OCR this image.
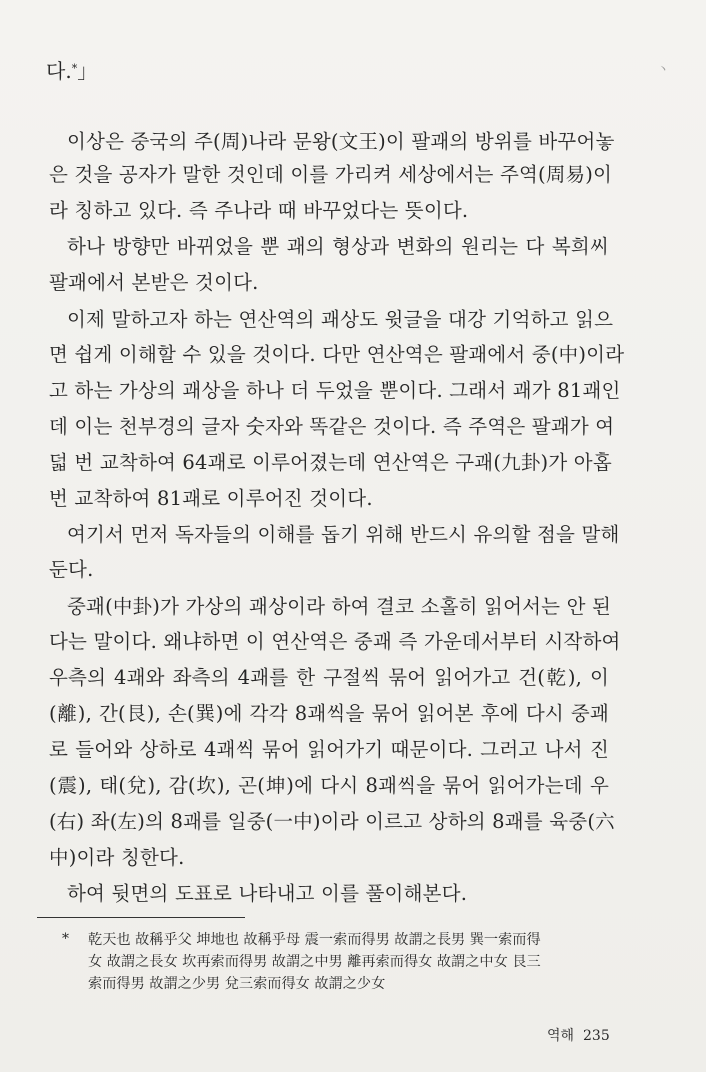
다.*」	丶
이상은 중국의 주(周)나라 문왕(文王)이 팔괘의 방위를 바꾸어놓
은 것을 공자가 말한 것인데 이를 가리켜 세상에서는 주역(周易)이
라 칭하고 있다. 즉 주나라 때 바꾸었다는 뜻이다.
하나 방향만 바뀌었을 뿐 괘의 형상과 변화의 원리는 다 복희씨
팔괘에서 본받은 것이다.
이제 말하고자 하는 연산역의 괘상도 윗글을 대강 기억하고 읽으
면 쉽게 이해할 수 있을 것이다. 다만 연산역은 팔괘에서 중(中)이라
고 하는 가상의 괘상을 하나 더 두었을 뿐이다. 그래서 괘가 81괘인
데 이는 천부경의 글자 숫자와 똑같은 것이다. 즉 주역은 팔괘가 여
덟 번 교착하여 64괘로 이루어졌는데 연산역은 구괘(九卦)가 아홉
번 교착하여 81괘로 이루어진 것이다.
여기서 먼저 독자들의 이해를 돕기 위해 반드시 유의할 점을 말해
둔다.
중괘(中卦)가 가상의 괘상이라 하여 결코 소홀히 읽어서는 안 된
다는 말이다. 왜냐하면 이 연산역은 중괘 즉 가운데서부터 시작하여
우측의 4괘와 좌측의 4괘를 한 구절씩 묶어 읽어가고 건(乾), 이
(離), 간(艮), 손(巽)에 각각 8괘씩을 묶어 읽어본 후에 다시 중괘
로 들어와 상하로 4괘씩 묶어 읽어가기 때문이다. 그러고 나서 진
(震), 태(兌), 감(坎), 곤(坤)에 다시 8괘씩을 묶어 읽어가는데 우
(右) 좌(左)의 8괘를 일중(一中)이라 이르고 상하의 8괘를 육중(六
中)이라 칭한다.
하여 뒷면의 도표로 나타내고 이를 풀이해본다.
* 乾天也 故稱乎父 坤地也 故稱乎母 震一索而得男 故謂之長男 巽一索而得
女 故謂之長女 坎再索而得男 故謂之中男 離再索而得女 故謂之中女 艮三
索而得男 故謂之少男 兌三索而得女 故謂之少女
역해 235
